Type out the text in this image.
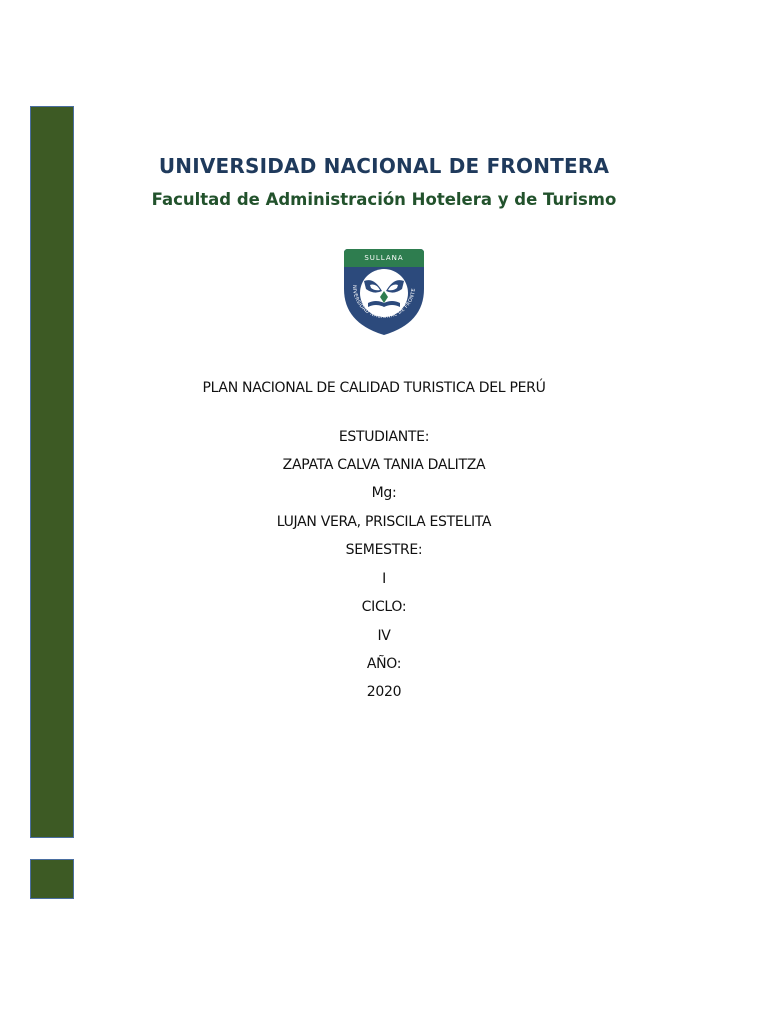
UNIVERSIDAD NACIONAL DE FRONTERA
Facultad de Administración Hotelera y de Turismo
SULLANA
NIVERSIDAD NACIONAL DE FRONTE
PLAN NACIONAL DE CALIDAD TURISTICA DEL PERÚ
ESTUDIANTE:
ZAPATA CALVA TANIA DALITZA
Mg:
LUJAN VERA, PRISCILA ESTELITA
SEMESTRE:
I
CICLO:
IV
AÑO:
2020
